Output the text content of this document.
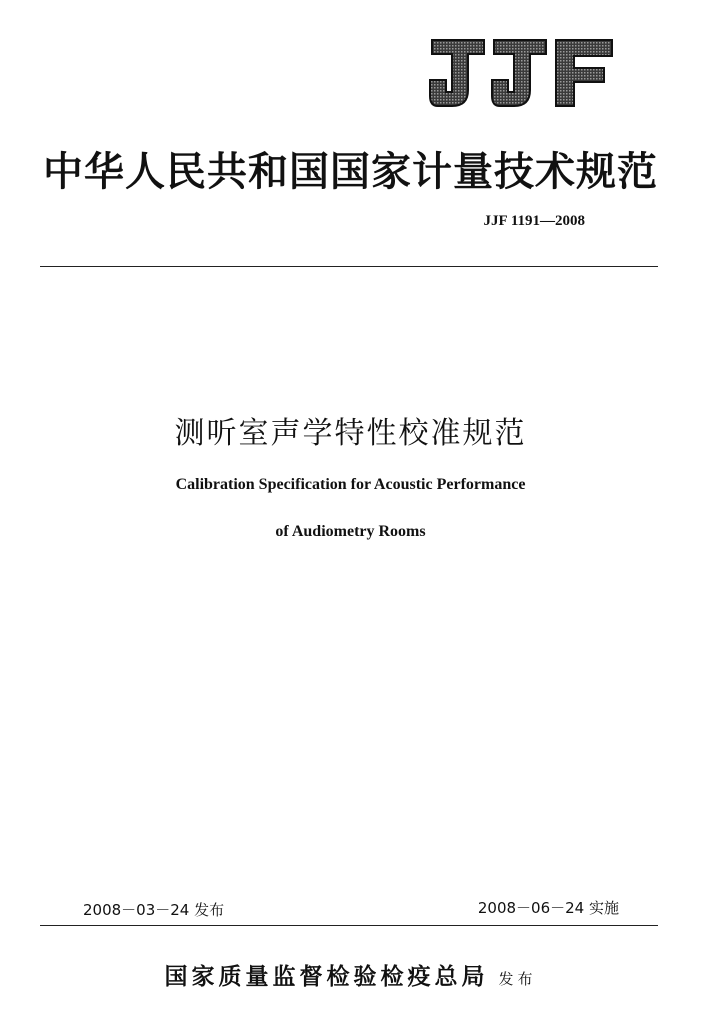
中华人民共和国国家计量技术规范
JJF 1191—2008
测听室声学特性校准规范
Calibration Specification for Acoustic Performance
of Audiometry Rooms
2008－03－24 发布	2008－06－24 实施
国家质量监督检验检疫总局 发布
